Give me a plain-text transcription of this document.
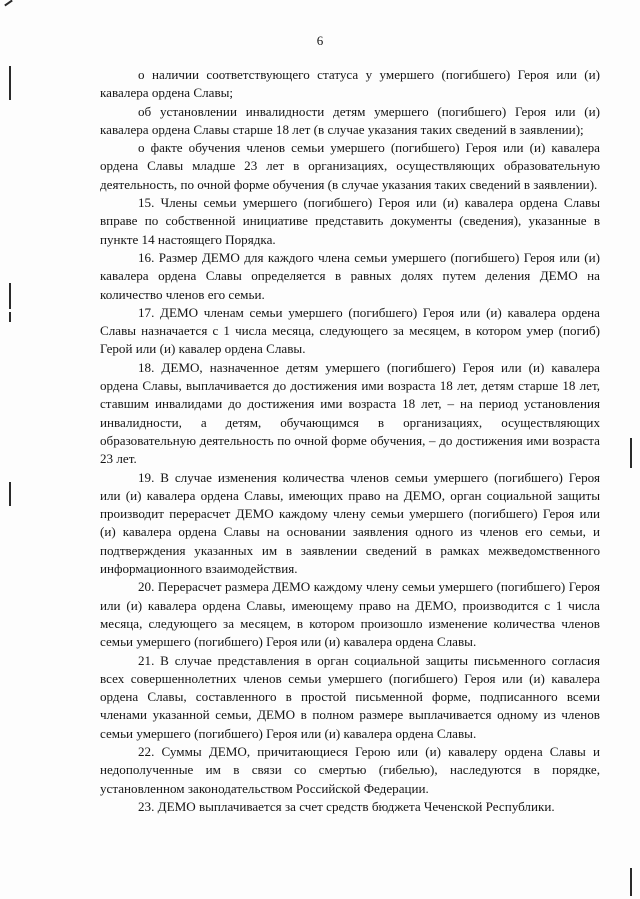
6

о наличии соответствующего статуса у умершего (погибшего) Героя или (и) кавалера ордена Славы;

об установлении инвалидности детям умершего (погибшего) Героя или (и) кавалера ордена Славы старше 18 лет (в случае указания таких сведений в заявлении);

о факте обучения членов семьи умершего (погибшего) Героя или (и) кавалера ордена Славы младше 23 лет в организациях, осуществляющих образовательную деятельность, по очной форме обучения (в случае указания таких сведений в заявлении).

15. Члены семьи умершего (погибшего) Героя или (и) кавалера ордена Славы вправе по собственной инициативе представить документы (сведения), указанные в пункте 14 настоящего Порядка.

16. Размер ДЕМО для каждого члена семьи умершего (погибшего) Героя или (и) кавалера ордена Славы определяется в равных долях путем деления ДЕМО на количество членов его семьи.

17. ДЕМО членам семьи умершего (погибшего) Героя или (и) кавалера ордена Славы назначается с 1 числа месяца, следующего за месяцем, в котором умер (погиб) Герой или (и) кавалер ордена Славы.

18. ДЕМО, назначенное детям умершего (погибшего) Героя или (и) кавалера ордена Славы, выплачивается до достижения ими возраста 18 лет, детям старше 18 лет, ставшим инвалидами до достижения ими возраста 18 лет, – на период установления инвалидности, а детям, обучающимся в организациях, осуществляющих образовательную деятельность по очной форме обучения, – до достижения ими возраста 23 лет.

19. В случае изменения количества членов семьи умершего (погибшего) Героя или (и) кавалера ордена Славы, имеющих право на ДЕМО, орган социальной защиты производит перерасчет ДЕМО каждому члену семьи умершего (погибшего) Героя или (и) кавалера ордена Славы на основании заявления одного из членов его семьи, и подтверждения указанных им в заявлении сведений в рамках межведомственного информационного взаимодействия.

20. Перерасчет размера ДЕМО каждому члену семьи умершего (погибшего) Героя или (и) кавалера ордена Славы, имеющему право на ДЕМО, производится с 1 числа месяца, следующего за месяцем, в котором произошло изменение количества членов семьи умершего (погибшего) Героя или (и) кавалера ордена Славы.

21. В случае представления в орган социальной защиты письменного согласия всех совершеннолетних членов семьи умершего (погибшего) Героя или (и) кавалера ордена Славы, составленного в простой письменной форме, подписанного всеми членами указанной семьи, ДЕМО в полном размере выплачивается одному из членов семьи умершего (погибшего) Героя или (и) кавалера ордена Славы.

22. Суммы ДЕМО, причитающиеся Герою или (и) кавалеру ордена Славы и недополученные им в связи со смертью (гибелью), наследуются в порядке, установленном законодательством Российской Федерации.

23. ДЕМО выплачивается за счет средств бюджета Чеченской Республики.
